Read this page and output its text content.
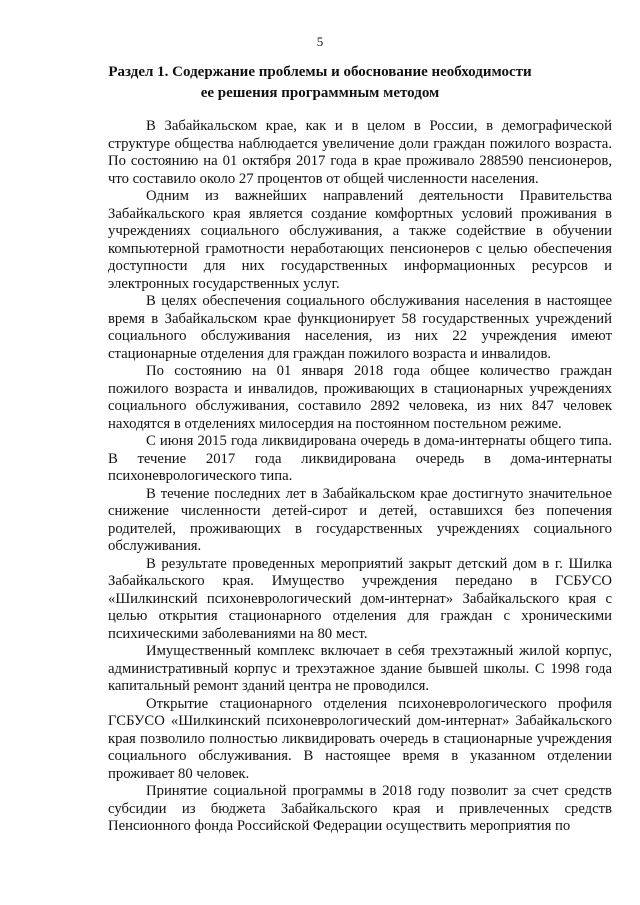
5
Раздел 1. Содержание проблемы и обоснование необходимости
ее решения программным методом

В Забайкальском крае, как и в целом в России, в демографической структуре общества наблюдается увеличение доли граждан пожилого возраста. По состоянию на 01 октября 2017 года в крае проживало 288590 пенсионеров, что составило около 27 процентов от общей численности населения.

Одним из важнейших направлений деятельности Правительства Забайкальского края является создание комфортных условий проживания в учреждениях социального обслуживания, а также содействие в обучении компьютерной грамотности неработающих пенсионеров с целью обеспечения доступности для них государственных информационных ресурсов и электронных государственных услуг.

В целях обеспечения социального обслуживания населения в настоящее время в Забайкальском крае функционирует 58 государственных учреждений социального обслуживания населения, из них 22 учреждения имеют стационарные отделения для граждан пожилого возраста и инвалидов.

По состоянию на 01 января 2018 года общее количество граждан пожилого возраста и инвалидов, проживающих в стационарных учреждениях социального обслуживания, составило 2892 человека, из них 847 человек находятся в отделениях милосердия на постоянном постельном режиме.

С июня 2015 года ликвидирована очередь в дома-интернаты общего типа. В течение 2017 года ликвидирована очередь в дома-интернаты психоневрологического типа.

В течение последних лет в Забайкальском крае достигнуто значительное снижение численности детей-сирот и детей, оставшихся без попечения родителей, проживающих в государственных учреждениях социального обслуживания.

В результате проведенных мероприятий закрыт детский дом в г. Шилка Забайкальского края. Имущество учреждения передано в ГСБУСО «Шилкинский психоневрологический дом-интернат» Забайкальского края с целью открытия стационарного отделения для граждан с хроническими психическими заболеваниями на 80 мест.

Имущественный комплекс включает в себя трехэтажный жилой корпус, административный корпус и трехэтажное здание бывшей школы. С 1998 года капитальный ремонт зданий центра не проводился.

Открытие стационарного отделения психоневрологического профиля ГСБУСО «Шилкинский психоневрологический дом-интернат» Забайкальского края позволило полностью ликвидировать очередь в стационарные учреждения социального обслуживания. В настоящее время в указанном отделении проживает 80 человек.

Принятие социальной программы в 2018 году позволит за счет средств субсидии из бюджета Забайкальского края и привлеченных средств Пенсионного фонда Российской Федерации осуществить мероприятия по
